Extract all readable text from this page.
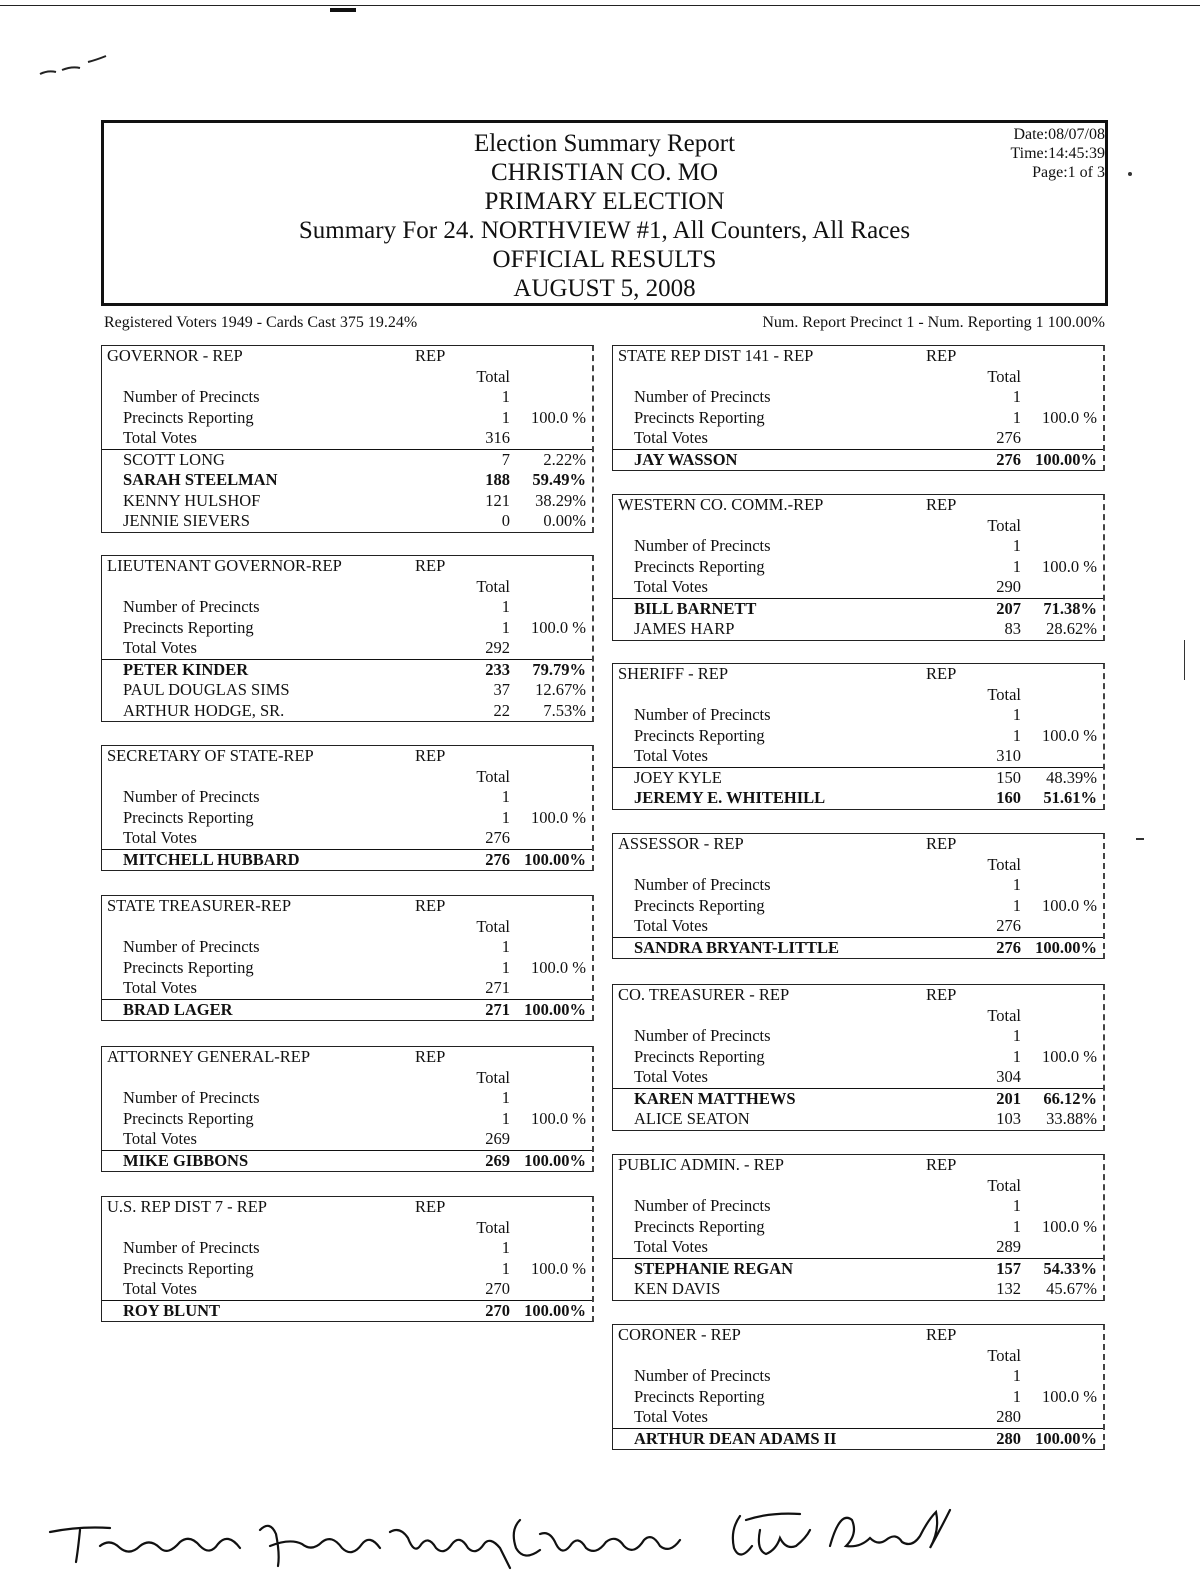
Election Summary Report
CHRISTIAN CO. MO
PRIMARY ELECTION
Summary For 24. NORTHVIEW #1, All Counters, All Races
OFFICIAL RESULTS
AUGUST 5, 2008
Date:08/07/08
Time:14:45:39
Page:1 of 3
Registered Voters 1949 - Cards Cast 375 19.24%	Num. Report Precinct 1 - Num. Reporting 1 100.00%
GOVERNOR - REP	REP
Total
Number of Precincts	1
Precincts Reporting	1	100.0 %
Total Votes	316
SCOTT LONG	7	2.22%
SARAH STEELMAN	188	59.49%
KENNY HULSHOF	121	38.29%
JENNIE SIEVERS	0	0.00%
LIEUTENANT GOVERNOR-REP	REP
Total
Number of Precincts	1
Precincts Reporting	1	100.0 %
Total Votes	292
PETER KINDER	233	79.79%
PAUL DOUGLAS SIMS	37	12.67%
ARTHUR HODGE, SR.	22	7.53%
SECRETARY OF STATE-REP	REP
Total
Number of Precincts	1
Precincts Reporting	1	100.0 %
Total Votes	276
MITCHELL HUBBARD	276 100.00%
STATE TREASURER-REP	REP
Total
Number of Precincts	1
Precincts Reporting	1	100.0 %
Total Votes	271
BRAD LAGER	271 100.00%
ATTORNEY GENERAL-REP	REP
Total
Number of Precincts	1
Precincts Reporting	1	100.0 %
Total Votes	269
MIKE GIBBONS	269 100.00%
U.S. REP DIST 7 - REP	REP
Total
Number of Precincts	1
Precincts Reporting	1	100.0 %
Total Votes	270
ROY BLUNT	270 100.00%
STATE REP DIST 141 - REP	REP
Total
Number of Precincts	1
Precincts Reporting	1	100.0 %
Total Votes	276
JAY WASSON	276 100.00%
WESTERN CO. COMM.-REP	REP
Total
Number of Precincts	1
Precincts Reporting	1	100.0 %
Total Votes	290
BILL BARNETT	207	71.38%
JAMES HARP	83	28.62%
SHERIFF - REP	REP
Total
Number of Precincts	1
Precincts Reporting	1	100.0 %
Total Votes	310
JOEY KYLE	150	48.39%
JEREMY E. WHITEHILL	160	51.61%
ASSESSOR - REP	REP
Total
Number of Precincts	1
Precincts Reporting	1	100.0 %
Total Votes	276
SANDRA BRYANT-LITTLE	276 100.00%
CO. TREASURER - REP	REP
Total
Number of Precincts	1
Precincts Reporting	1	100.0 %
Total Votes	304
KAREN MATTHEWS	201	66.12%
ALICE SEATON	103	33.88%
PUBLIC ADMIN. - REP	REP
Total
Number of Precincts	1
Precincts Reporting	1	100.0 %
Total Votes	289
STEPHANIE REGAN	157	54.33%
KEN DAVIS	132	45.67%
CORONER - REP	REP
Total
Number of Precincts	1
Precincts Reporting	1	100.0 %
Total Votes	280
ARTHUR DEAN ADAMS II	280 100.00%
